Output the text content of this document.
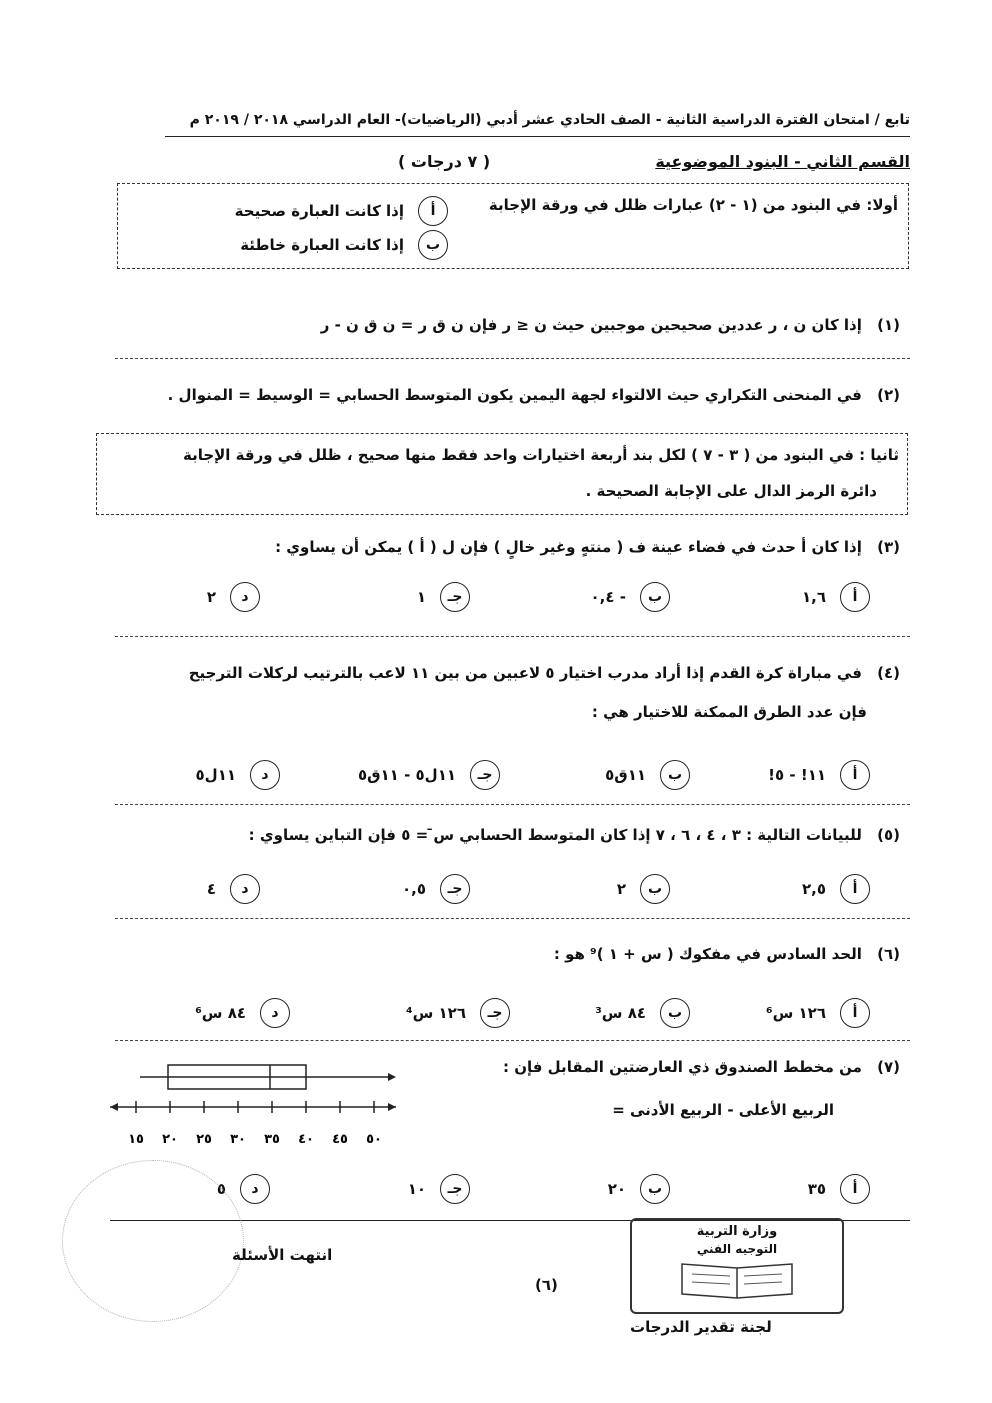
تابع / امتحان الفترة الدراسية الثانية - الصف الحادي عشر أدبي (الرياضيات)- العام الدراسي ٢٠١٨ / ٢٠١٩ م
القسم الثاني - البنود الموضوعية
( ٧ درجات )
أولا: في البنود من (١ - ٢) عبارات ظلل في ورقة الإجابة
أ
إذا كانت العبارة صحيحة
ب
إذا كانت العبارة خاطئة
(١) إذا كان ن ، ر عددين صحيحين موجبين حيث ن ≤ ر فإن ن ق ر = ن ق ن - ر
(٢) في المنحنى التكراري حيث الالتواء لجهة اليمين يكون المتوسط الحسابي = الوسيط = المنوال .
ثانيا : في البنود من ( ٣ - ٧ ) لكل بند أربعة اختيارات واحد فقط منها صحيح ، ظلل في ورقة الإجابة
دائرة الرمز الدال على الإجابة الصحيحة .
(٣) إذا كان أ حدث في فضاء عينة ف ( منتهٍ وغير خالٍ ) فإن ل ( أ ) يمكن أن يساوي :
أ
١,٦
ب
- ٠,٤
جـ
١
د
٢
(٤) في مباراة كرة القدم إذا أراد مدرب اختيار ٥ لاعبين من بين ١١ لاعب بالترتيب لركلات الترجيح
فإن عدد الطرق الممكنة للاختيار هي :
أ
١١! - ٥!
ب
١١ق٥
جـ
١١ل٥ - ١١ق٥
د
١١ل٥
(٥) للبيانات التالية : ٣ ، ٤ ، ٦ ، ٧ إذا كان المتوسط الحسابي س̄ = ٥ فإن التباين يساوي :
أ
٢,٥
ب
٢
جـ
٠,٥
د
٤
(٦) الحد السادس في مفكوك ( س + ١ )⁹ هو :
أ
١٢٦ س⁶
ب
٨٤ س³
جـ
١٢٦ س⁴
د
٨٤ س⁶
(٧) من مخطط الصندوق ذي العارضتين المقابل فإن :
الربيع الأعلى - الربيع الأدنى =
١٥ ٢٠ ٢٥ ٣٠ ٣٥ ٤٠ ٤٥ ٥٠
أ
٣٥
ب
٢٠
جـ
١٠
د
٥
انتهت الأسئلة
(٦)
وزارة التربية
التوجيه الفني
لجنة تقدير الدرجات
